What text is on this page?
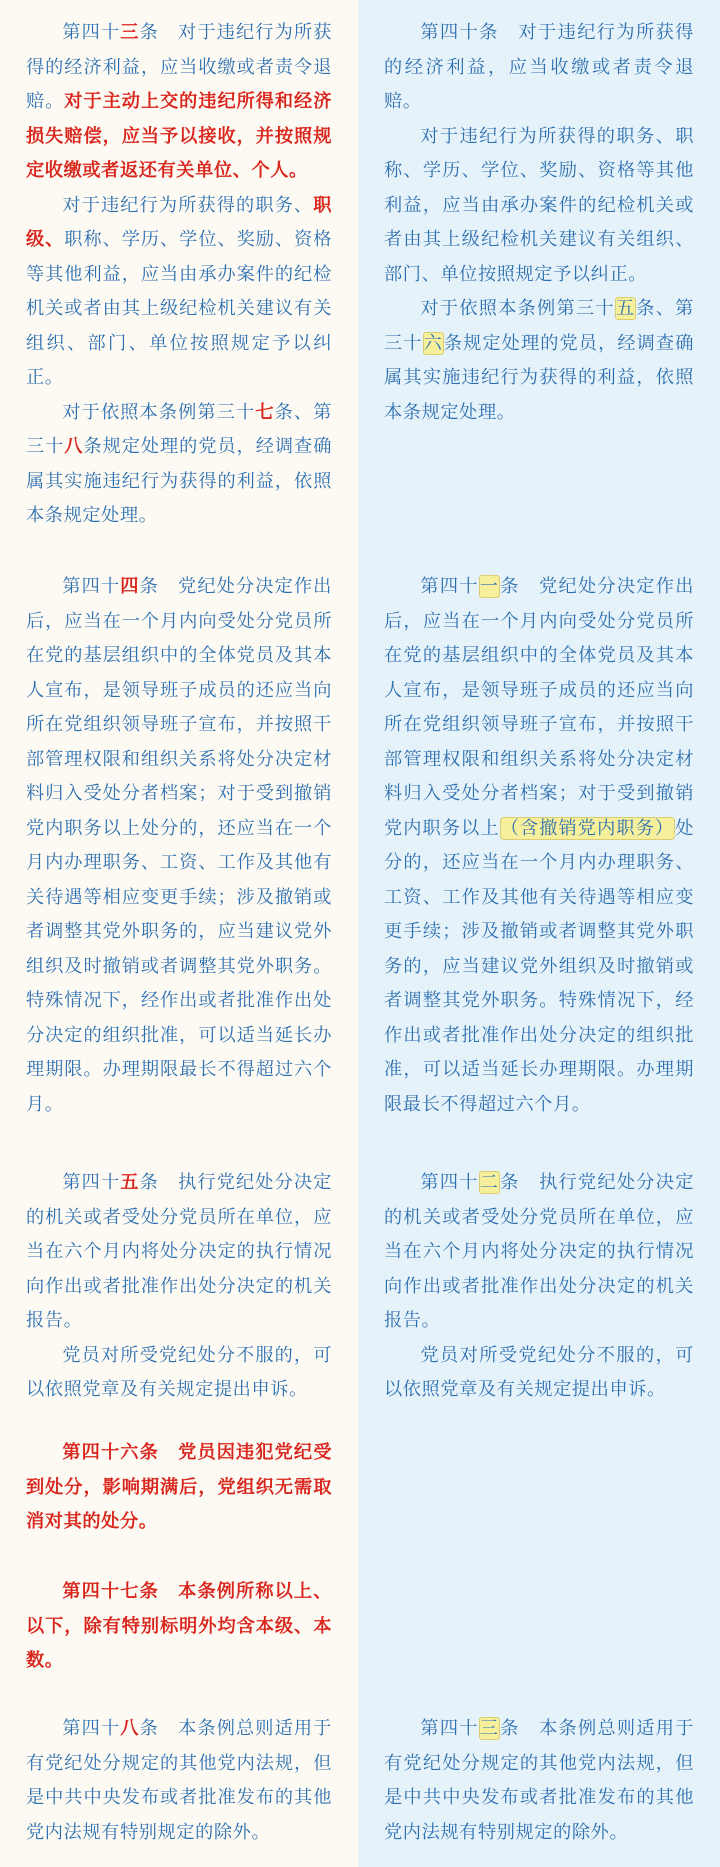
第四十三条　对于违纪行为所获得的经济利益，应当收缴或者责令退赔。对于主动上交的违纪所得和经济损失赔偿，应当予以接收，并按照规定收缴或者返还有关单位、个人。

对于违纪行为所获得的职务、职级、职称、学历、学位、奖励、资格等其他利益，应当由承办案件的纪检机关或者由其上级纪检机关建议有关组织、部门、单位按照规定予以纠正。

对于依照本条例第三十七条、第三十八条规定处理的党员，经调查确属其实施违纪行为获得的利益，依照本条规定处理。

第四十四条　党纪处分决定作出后，应当在一个月内向受处分党员所在党的基层组织中的全体党员及其本人宣布，是领导班子成员的还应当向所在党组织领导班子宣布，并按照干部管理权限和组织关系将处分决定材料归入受处分者档案；对于受到撤销党内职务以上处分的，还应当在一个月内办理职务、工资、工作及其他有关待遇等相应变更手续；涉及撤销或者调整其党外职务的，应当建议党外组织及时撤销或者调整其党外职务。特殊情况下，经作出或者批准作出处分决定的组织批准，可以适当延长办理期限。办理期限最长不得超过六个月。

第四十五条　执行党纪处分决定的机关或者受处分党员所在单位，应当在六个月内将处分决定的执行情况向作出或者批准作出处分决定的机关报告。

党员对所受党纪处分不服的，可以依照党章及有关规定提出申诉。

第四十六条　党员因违犯党纪受到处分，影响期满后，党组织无需取消对其的处分。

第四十七条　本条例所称以上、以下，除有特别标明外均含本级、本数。

第四十八条　本条例总则适用于有党纪处分规定的其他党内法规，但是中共中央发布或者批准发布的其他党内法规有特别规定的除外。

第四十条　对于违纪行为所获得的经济利益，应当收缴或者责令退赔。

对于违纪行为所获得的职务、职称、学历、学位、奖励、资格等其他利益，应当由承办案件的纪检机关或者由其上级纪检机关建议有关组织、部门、单位按照规定予以纠正。

对于依照本条例第三十五条、第三十六条规定处理的党员，经调查确属其实施违纪行为获得的利益，依照本条规定处理。

第四十一条　党纪处分决定作出后，应当在一个月内向受处分党员所在党的基层组织中的全体党员及其本人宣布，是领导班子成员的还应当向所在党组织领导班子宣布，并按照干部管理权限和组织关系将处分决定材料归入受处分者档案；对于受到撤销党内职务以上（含撤销党内职务）处分的，还应当在一个月内办理职务、工资、工作及其他有关待遇等相应变更手续；涉及撤销或者调整其党外职务的，应当建议党外组织及时撤销或者调整其党外职务。特殊情况下，经作出或者批准作出处分决定的组织批准，可以适当延长办理期限。办理期限最长不得超过六个月。

第四十二条　执行党纪处分决定的机关或者受处分党员所在单位，应当在六个月内将处分决定的执行情况向作出或者批准作出处分决定的机关报告。

党员对所受党纪处分不服的，可以依照党章及有关规定提出申诉。

第四十三条　本条例总则适用于有党纪处分规定的其他党内法规，但是中共中央发布或者批准发布的其他党内法规有特别规定的除外。
